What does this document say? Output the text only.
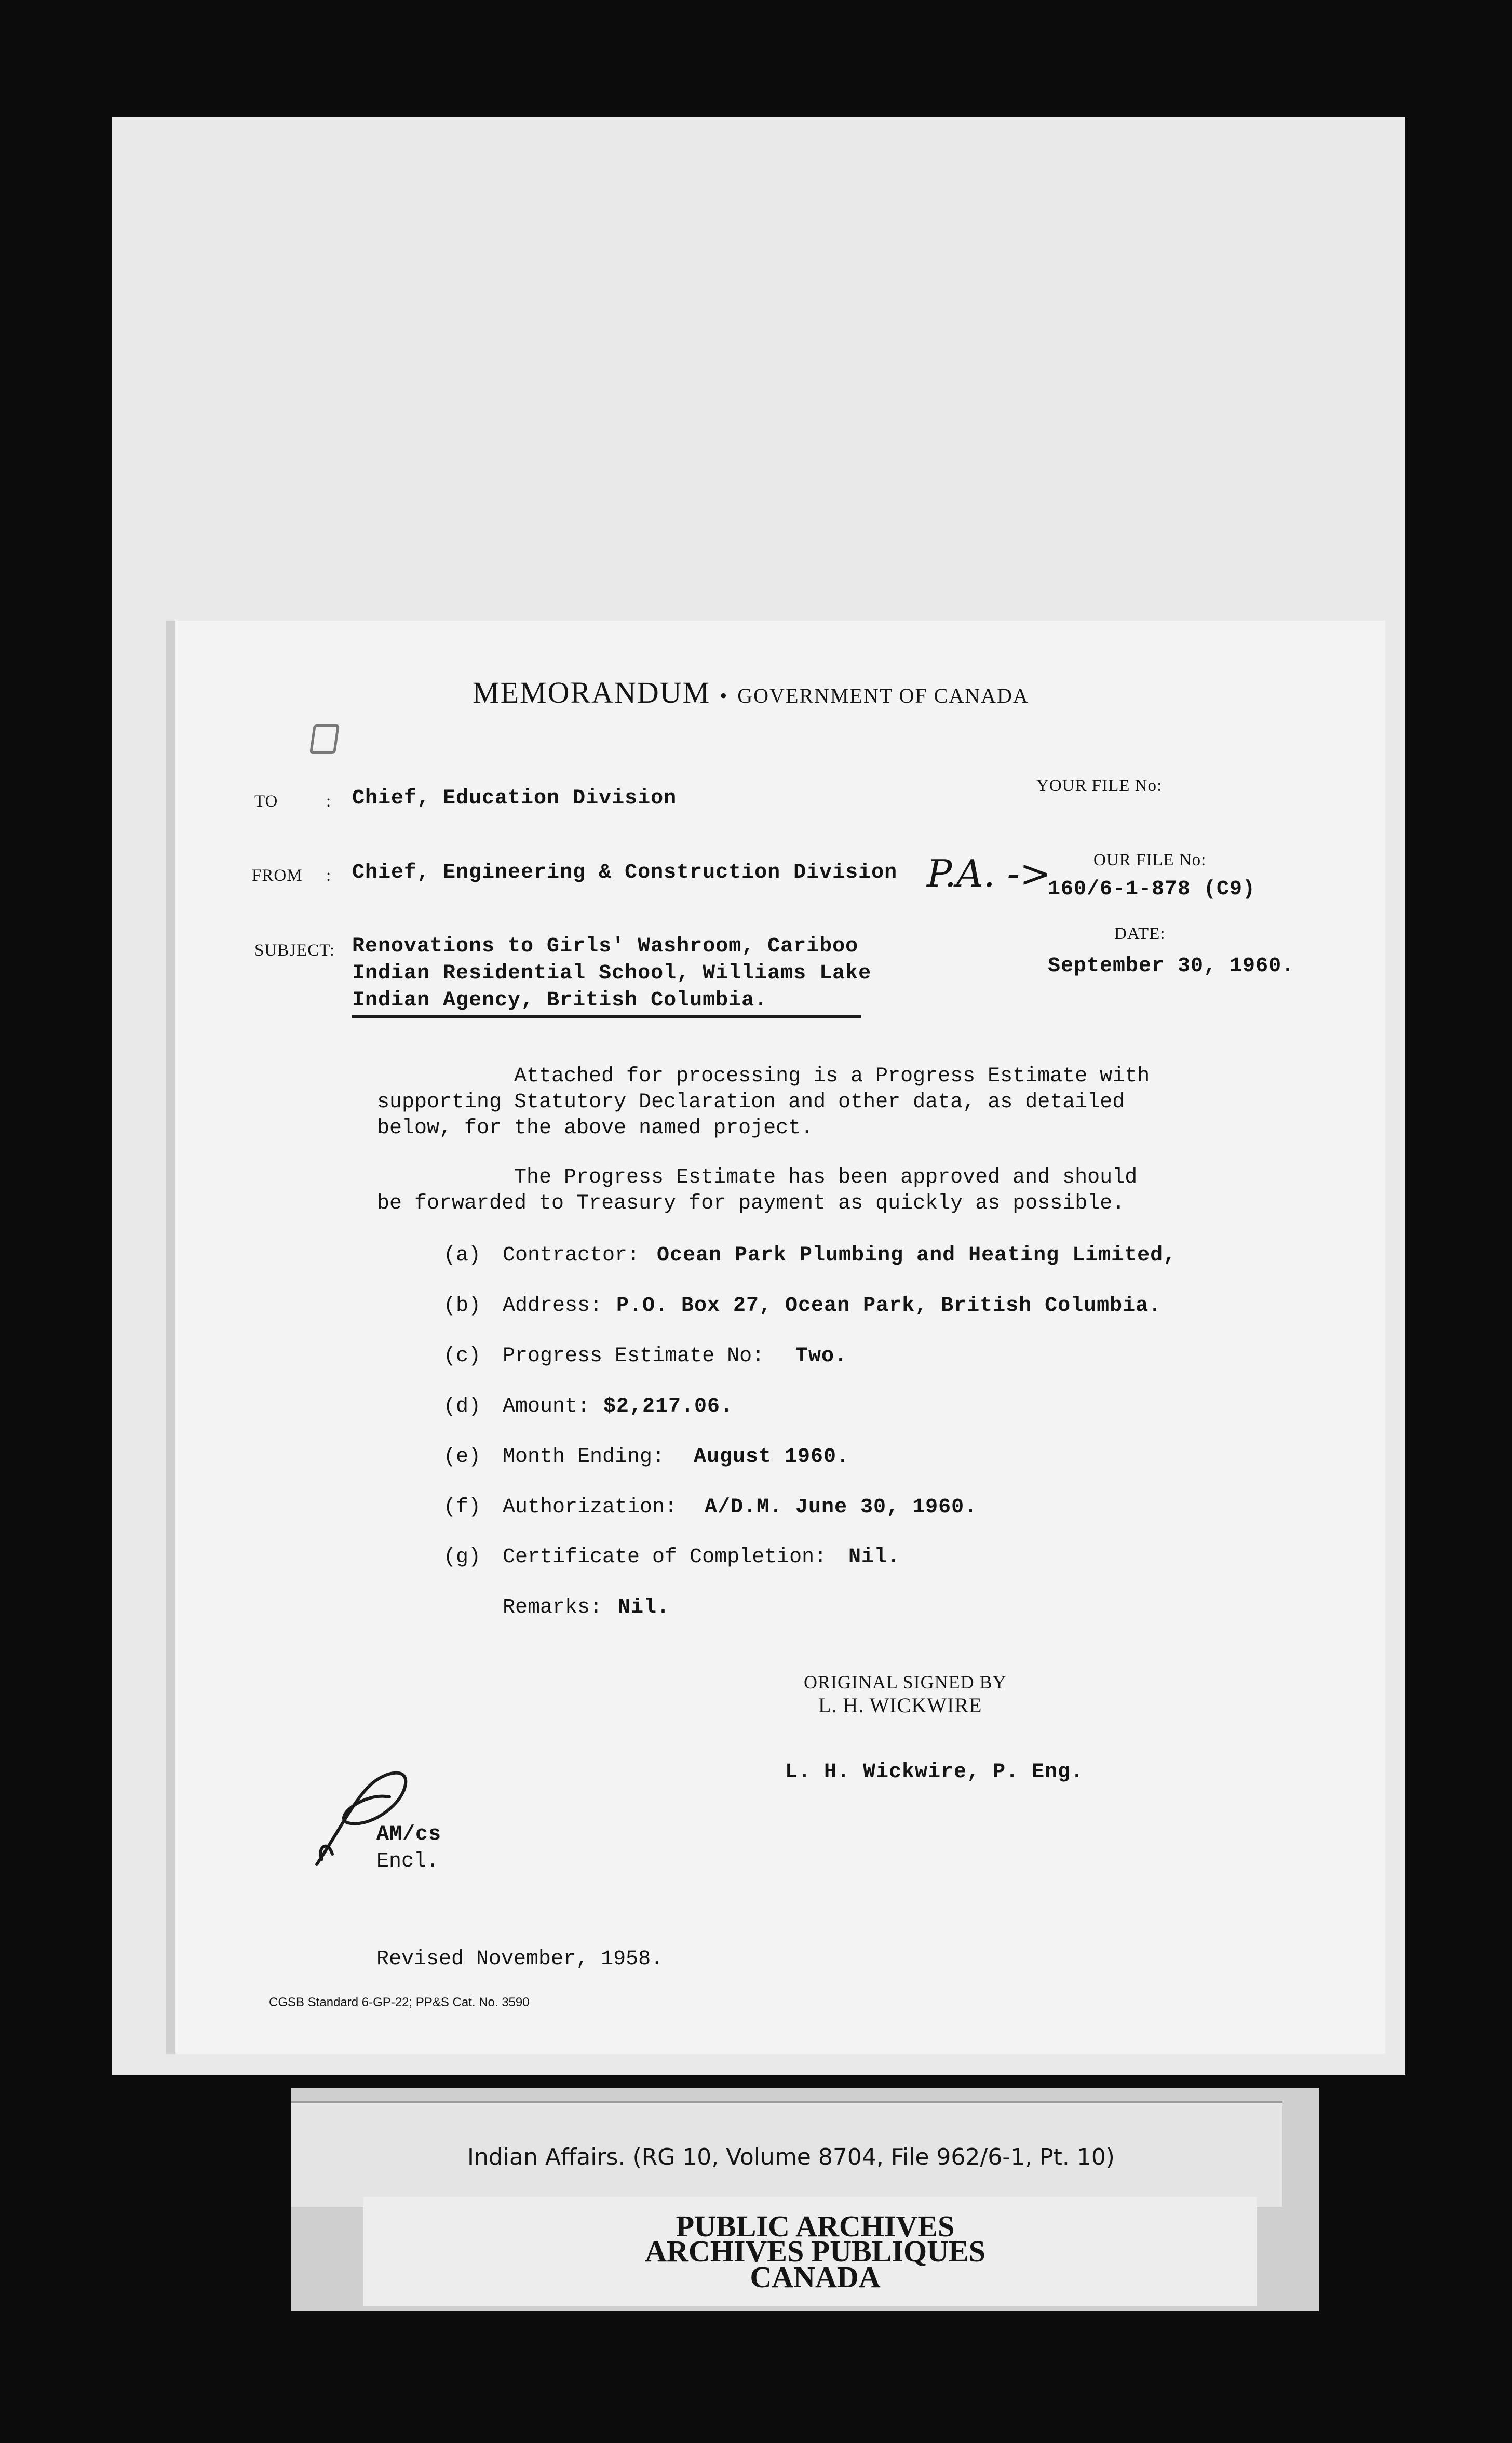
MEMORANDUM • GOVERNMENT OF CANADA
TO	: Chief, Education Division
FROM : Chief, Engineering & Construction Division
SUBJECT: Renovations to Girls' Washroom, Cariboo
Indian Residential School, Williams Lake
Indian Agency, British Columbia.
YOUR FILE No:
OUR FILE No:
P.A. ->
160/6-1-878 (C9)
DATE:
September 30, 1960.
Attached for processing is a Progress Estimate with
supporting Statutory Declaration and other data, as detailed
below, for the above named project.
The Progress Estimate has been approved and should
be forwarded to Treasury for payment as quickly as possible.
(a) Contractor: Ocean Park Plumbing and Heating Limited,
(b) Address: P.O. Box 27, Ocean Park, British Columbia.
(c) Progress Estimate No: Two.
(d) Amount: $2,217.06.
(e) Month Ending: August 1960.
(f) Authorization: A/D.M. June 30, 1960.
(g) Certificate of Completion: Nil.
Remarks: Nil.
ORIGINAL SIGNED BY
L. H. WICKWIRE
L. H. Wickwire, P. Eng.
AM/cs
Encl.
Revised November, 1958.
CGSB Standard 6-GP-22; PP&S Cat. No. 3590
Indian Affairs. (RG 10, Volume 8704, File 962/6-1, Pt. 10)
PUBLIC ARCHIVES
ARCHIVES PUBLIQUES
CANADA
